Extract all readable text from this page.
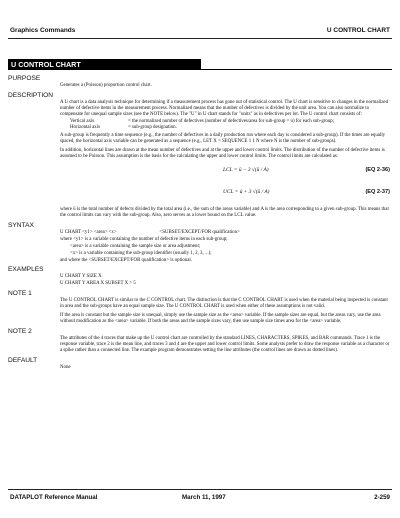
Graphics Commands	U CONTROL CHART
U CONTROL CHART
PURPOSE
Generates a (Poisson) proportion control chart.
DESCRIPTION
A U chart is a data analysis technique for determining if a measurement process has gone out of statistical control. The U chart is sensitive to changes in the normalized number of defective items in the measurement process. Normalized means that the number of defectives is divided by the unit area. You can also normalize to compensate for unequal sample sizes (see the NOTE below). The "U" in U chart stands for "units" as in defectives per lot. The U control chart consists of:
Vertical axis	= the normalized number of defectives (number of defectives/area for sub-group = u) for each sub-group;
Horizontal axis	= sub-group designation.
A sub-group is frequently a time sequence (e.g., the number of defectives in a daily production run where each day is considered a sub-group). If the times are equally spaced, the horizontal axis variable can be generated as a sequence (e.g., LET X = SEQUENCE 1 1 N where N is the number of sub-groups).
In addition, horizontal lines are drawn at the mean number of defectives and at the upper and lower control limits. The distribution of the number of defective items is assumed to be Poisson. This assumption is the basis for the calculating the upper and lower control limits. The control limits are calculated as:
LCL = ū − 3 √(ū / A)	(EQ 2-36)
UCL = ū + 3 √(ū / A)	(EQ 2-37)
where ū is the total number of defects divided by the total area (i.e., the sum of the areas variable) and A is the area corresponding to a given sub-group. This means that the control limits can vary with the sub-group. Also, zero serves as a lower bound on the LCL value.
SYNTAX
U CHART <y1> <area> <x>                                   <SUBSET/EXCEPT/FOR qualification>
where <y1> is a variable containing the number of defective items in each sub-group;
<area> is a variable containing the sample size or area adjustment;
<x> is a variable containing the sub-group identifier (usually 1, 2, 3, ...);
and where the <SUBSET/EXCEPT/FOR qualification> is optional.
EXAMPLES
U CHART Y SIZE X
U CHART Y AREA X SUBSET X > 5
NOTE 1
The U CONTROL CHART is similar to the C CONTROL chart. The distinction is that the C CONTROL CHART is used when the material being inspected is constant in area and the sub-groups have an equal sample size. The U CONTROL CHART is used when either of these assumptions is not valid.
If the area is constant but the sample size is unequal, simply use the sample size as the <area> variable. If the sample sizes are equal, but the areas vary, use the area without modification as the <area> variable. If both the areas and the sample sizes vary, then use sample size times area for the <area> variable.
NOTE 2
The attributes of the 4 traces that make up the U control chart are controlled by the standard LINES, CHARACTERS, SPIKES, and BAR commands. Trace 1 is the response variable, trace 2 is the mean line, and traces 3 and 4 are the upper and lower control limits. Some analysts prefer to draw the response variable as a character or a spike rather than a connected line. The example program demonstrates setting the line attributes (the control lines are drawn as dotted lines).
DEFAULT
None
DATAPLOT Reference Manual	March 11, 1997	2-259
